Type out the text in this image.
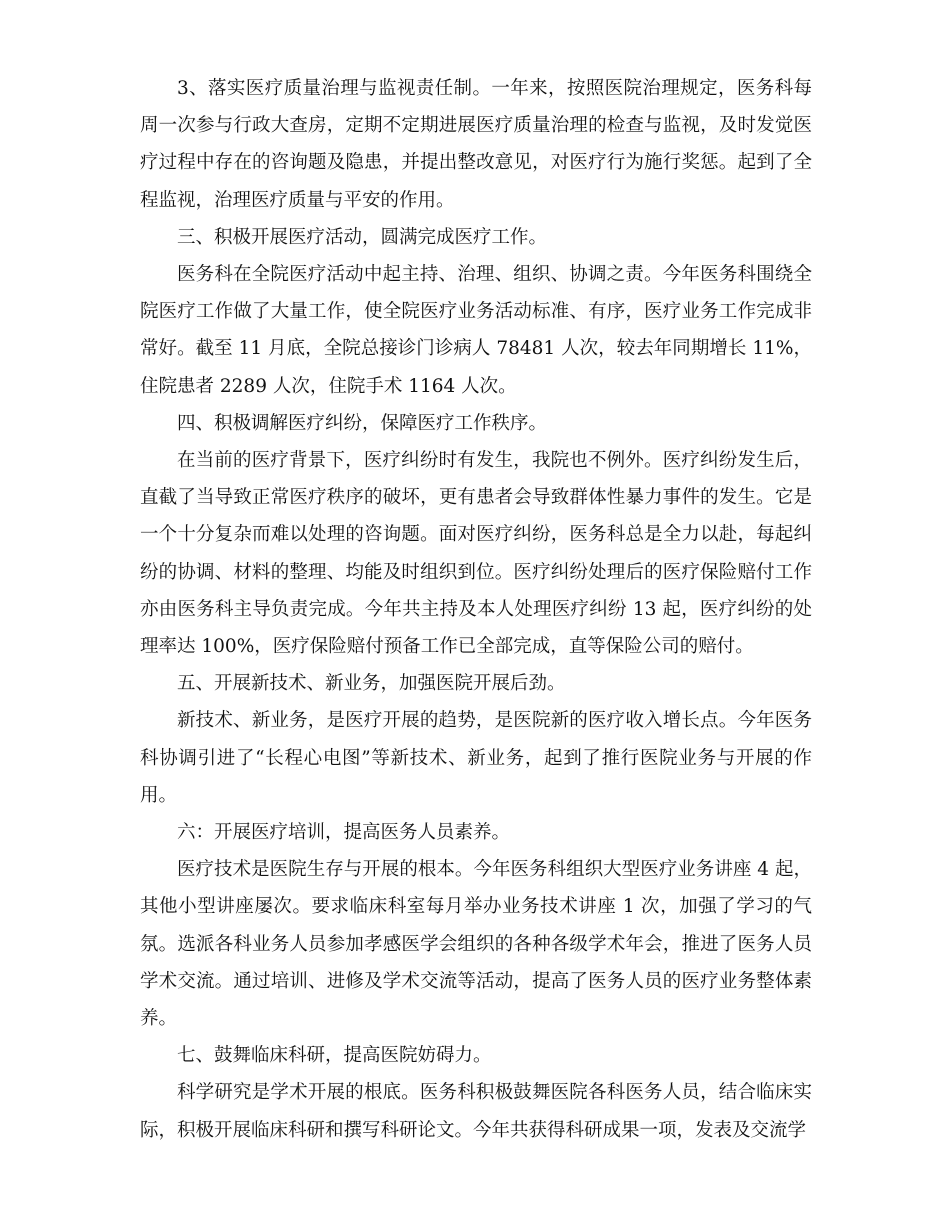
3、落实医疗质量治理与监视责任制。一年来，按照医院治理规定，医务科每周一次参与行政大查房，定期不定期进展医疗质量治理的检查与监视，及时发觉医疗过程中存在的咨询题及隐患，并提出整改意见，对医疗行为施行奖惩。起到了全程监视，治理医疗质量与平安的作用。

三、积极开展医疗活动，圆满完成医疗工作。

医务科在全院医疗活动中起主持、治理、组织、协调之责。今年医务科围绕全院医疗工作做了大量工作，使全院医疗业务活动标准、有序，医疗业务工作完成非常好。截至 11 月底，全院总接诊门诊病人 78481 人次，较去年同期增长 11%，住院患者 2289 人次，住院手术 1164 人次。

四、积极调解医疗纠纷，保障医疗工作秩序。

在当前的医疗背景下，医疗纠纷时有发生，我院也不例外。医疗纠纷发生后，直截了当导致正常医疗秩序的破坏，更有患者会导致群体性暴力事件的发生。它是一个十分复杂而难以处理的咨询题。面对医疗纠纷，医务科总是全力以赴，每起纠纷的协调、材料的整理、均能及时组织到位。医疗纠纷处理后的医疗保险赔付工作亦由医务科主导负责完成。今年共主持及本人处理医疗纠纷 13 起，医疗纠纷的处理率达 100%，医疗保险赔付预备工作已全部完成，直等保险公司的赔付。

五、开展新技术、新业务，加强医院开展后劲。

新技术、新业务，是医疗开展的趋势，是医院新的医疗收入增长点。今年医务科协调引进了“长程心电图”等新技术、新业务，起到了推行医院业务与开展的作用。

六：开展医疗培训，提高医务人员素养。

医疗技术是医院生存与开展的根本。今年医务科组织大型医疗业务讲座 4 起，其他小型讲座屡次。要求临床科室每月举办业务技术讲座 1 次，加强了学习的气氛。选派各科业务人员参加孝感医学会组织的各种各级学术年会，推进了医务人员学术交流。通过培训、进修及学术交流等活动，提高了医务人员的医疗业务整体素养。

七、鼓舞临床科研，提高医院妨碍力。

科学研究是学术开展的根底。医务科积极鼓舞医院各科医务人员，结合临床实际，积极开展临床科研和撰写科研论文。今年共获得科研成果一项，发表及交流学
